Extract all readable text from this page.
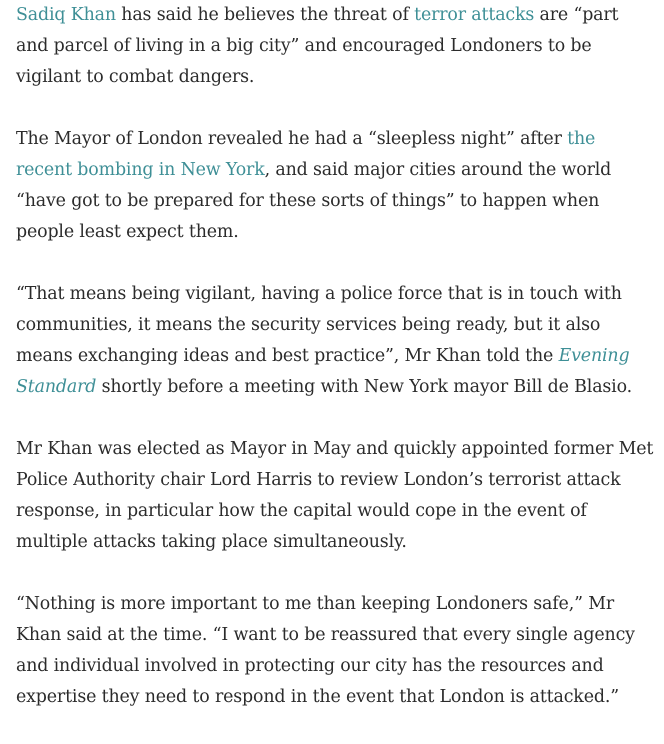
Sadiq Khan has said he believes the threat of terror attacks are “part and parcel of living in a big city” and encouraged Londoners to be vigilant to combat dangers.

The Mayor of London revealed he had a “sleepless night” after the recent bombing in New York, and said major cities around the world “have got to be prepared for these sorts of things” to happen when people least expect them.

“That means being vigilant, having a police force that is in touch with communities, it means the security services being ready, but it also means exchanging ideas and best practice”, Mr Khan told the Evening Standard shortly before a meeting with New York mayor Bill de Blasio.

Mr Khan was elected as Mayor in May and quickly appointed former Met Police Authority chair Lord Harris to review London’s terrorist attack response, in particular how the capital would cope in the event of multiple attacks taking place simultaneously.

“Nothing is more important to me than keeping Londoners safe,” Mr Khan said at the time. “I want to be reassured that every single agency and individual involved in protecting our city has the resources and expertise they need to respond in the event that London is attacked.”
